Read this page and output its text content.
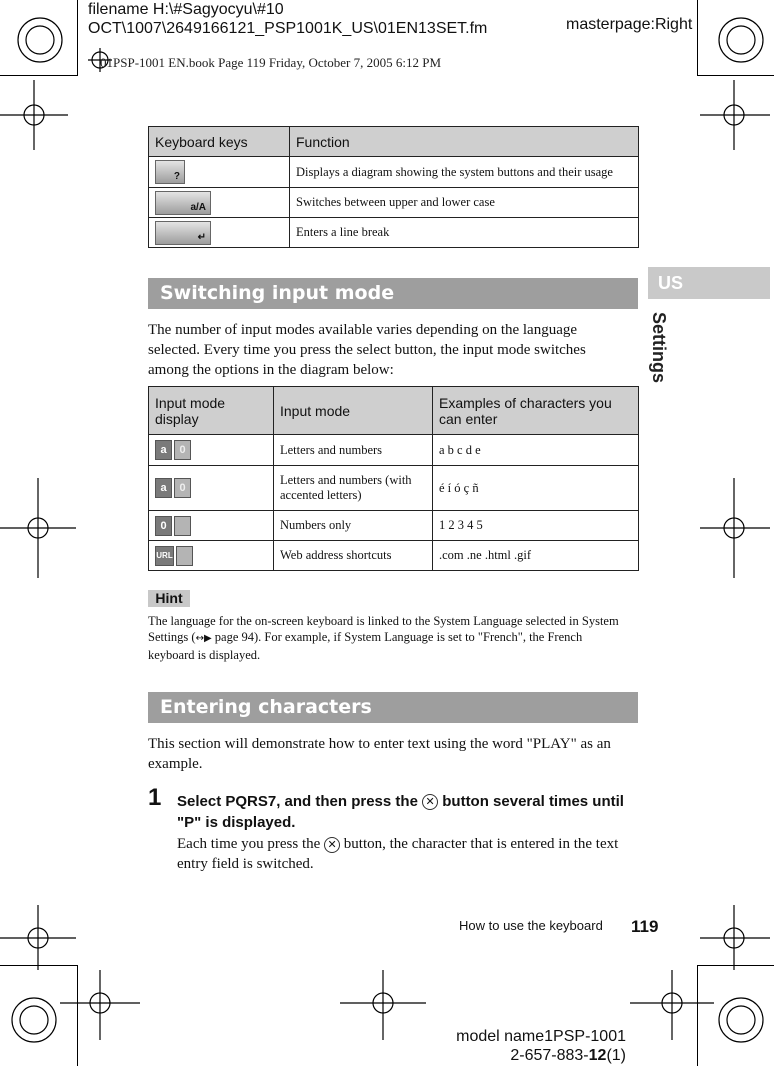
filename H:\#Sagyocyu\#10
OCT\1007\2649166121_PSP1001K_US\01EN13SET.fm	masterpage:Right
01PSP-1001 EN.book Page 119 Friday, October 7, 2005 6:12 PM
US
Settings
Keyboard keys	Function

?	Displays a diagram showing the system buttons and their usage

a/A	Switches between upper and lower case

↵	Enters a line break
Switching input mode
The number of input modes available varies depending on the language selected. Every time you press the select button, the input mode switches among the options in the diagram below:
Input mode display	Input mode	Examples of characters you can enter

a 0	Letters and numbers	a b c d e

a 0	Letters and numbers (with accented letters)	é í ó ç ñ

0	Numbers only	1 2 3 4 5

URL	Web address shortcuts	.com .ne .html .gif
Hint
The language for the on-screen keyboard is linked to the System Language selected in System Settings (↔▶ page 94). For example, if System Language is set to "French", the French keyboard is displayed.
Entering characters
This section will demonstrate how to enter text using the word "PLAY" as an example.
1 Select PQRS7, and then press the ✕ button several times until "P" is displayed.
Each time you press the ✕ button, the character that is entered in the text entry field is switched.
How to use the keyboard 119
model name1PSP-1001
2-657-883-12(1)
